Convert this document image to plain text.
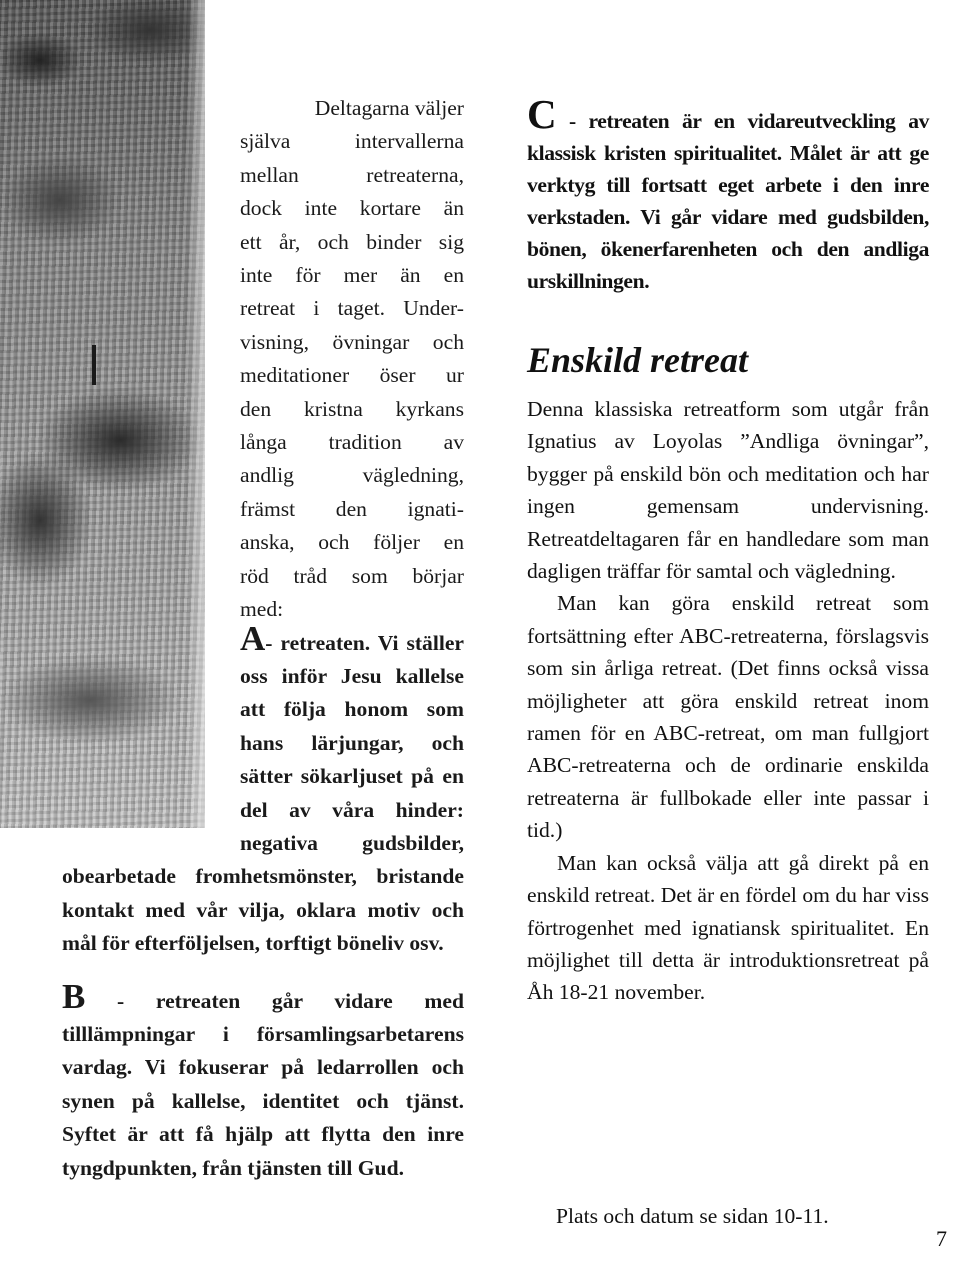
Deltagarna väljer
själva intervallerna
mellan retreaterna,
dock inte kortare än
ett år, och binder sig
inte för mer än en
retreat i taget. Under-
visning, övningar och
meditationer öser ur
den kristna kyrkans
långa tradition av
andlig vägledning,
främst den ignati-
anska, och följer en
röd tråd som börjar
med:
A- retreaten. Vi ställer oss inför Jesu kallelse att följa honom som hans lärjungar, och sätter sökarljuset på en del av våra hinder: negativa gudsbilder, obearbetade fromhetsmönster, bristande kontakt med vår vilja, oklara motiv och mål för efterföljelsen, torftigt böneliv osv.

B - retreaten går vidare med tilllämpningar i församlingsarbetarens vardag. Vi fokuserar på ledarrollen och synen på kallelse, identitet och tjänst. Syftet är att få hjälp att flytta den inre tyngdpunkten, från tjänsten till Gud.

C - retreaten är en vidareutveckling av klassisk kristen spiritualitet. Målet är att ge verktyg till fortsatt eget arbete i den inre verkstaden. Vi går vidare med gudsbilden, bönen, ökenerfarenheten och den andliga urskillningen.

Enskild retreat

Denna klassiska retreatform som utgår från Ignatius av Loyolas ”Andliga övningar”, bygger på enskild bön och meditation och har ingen gemensam undervisning. Retreatdeltagaren får en handledare som man dagligen träffar för samtal och vägledning.

Man kan göra enskild retreat som fortsättning efter ABC-retreaterna, förslagsvis som sin årliga retreat. (Det finns också vissa möjligheter att göra enskild retreat inom ramen för en ABC-retreat, om man fullgjort ABC-retreaterna och de ordinarie enskilda retreaterna är fullbokade eller inte passar i tid.)

Man kan också välja att gå direkt på en enskild retreat. Det är en fördel om du har viss förtrogenhet med ignatiansk spiritualitet. En möjlighet till detta är introduktionsretreat på Åh 18-21 november.

Plats och datum se sidan 10-11.
7
